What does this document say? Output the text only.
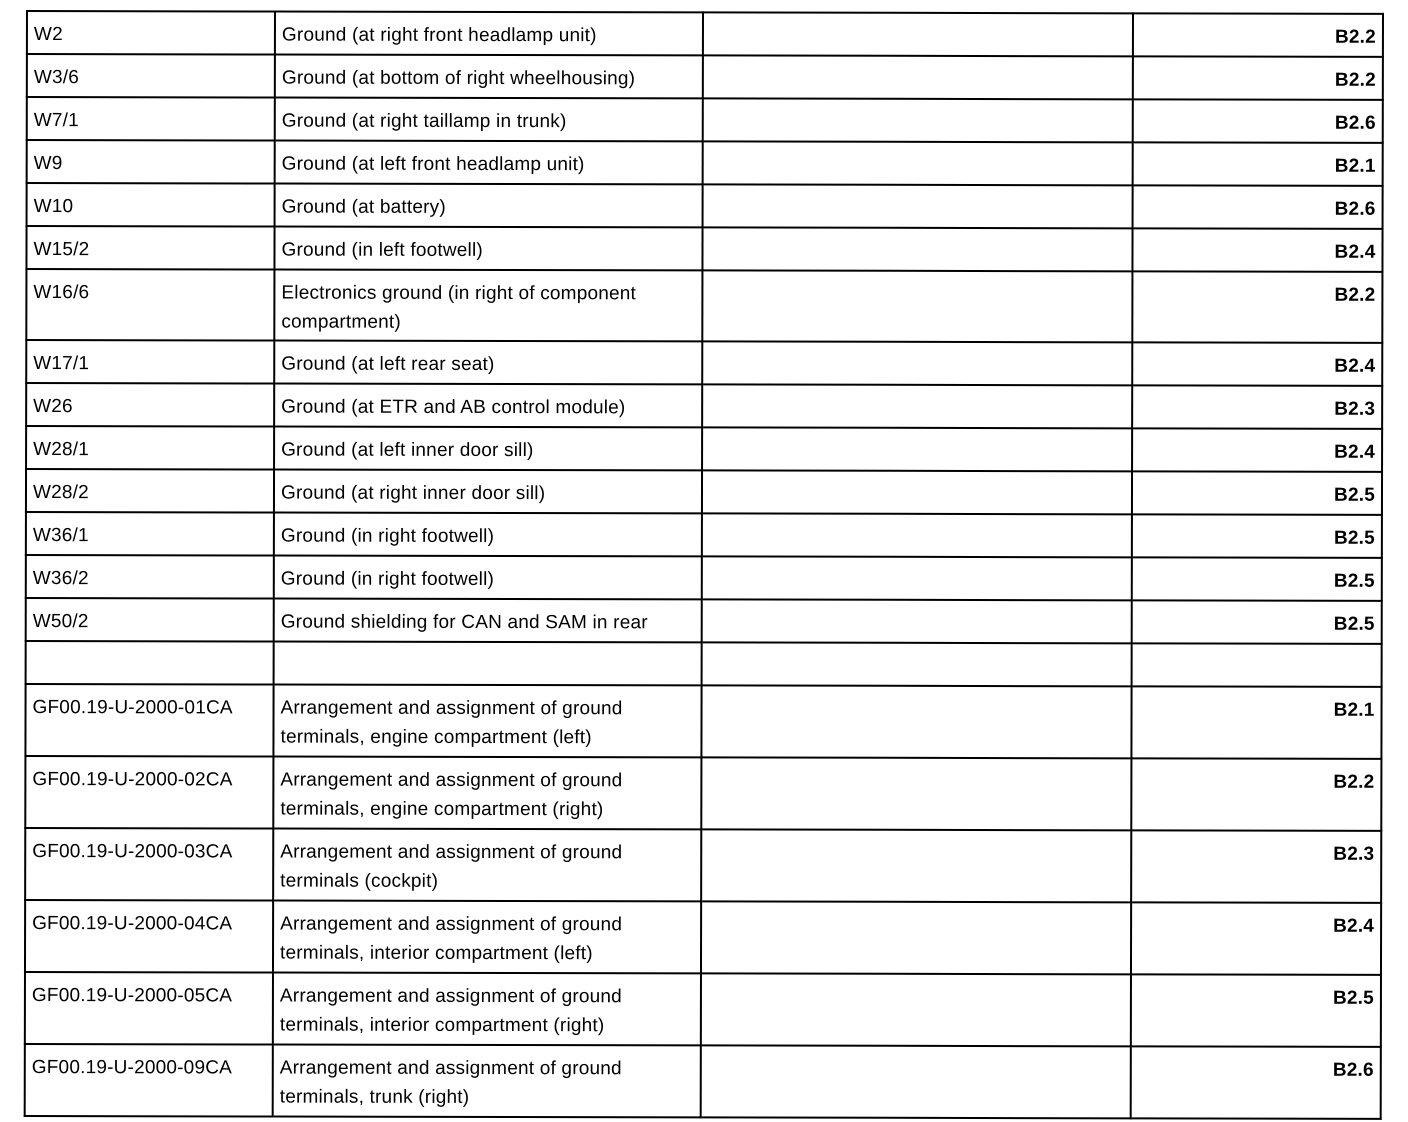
W2	Ground (at right front headlamp unit)		B2.2
W3/6	Ground (at bottom of right wheelhousing)		B2.2
W7/1	Ground (at right taillamp in trunk)		B2.6
W9	Ground (at left front headlamp unit)		B2.1
W10	Ground (at battery)		B2.6
W15/2	Ground (in left footwell)		B2.4
W16/6	Electronics ground (in right of component compartment)		B2.2
W17/1	Ground (at left rear seat)		B2.4
W26	Ground (at ETR and AB control module)		B2.3
W28/1	Ground (at left inner door sill)		B2.4
W28/2	Ground (at right inner door sill)		B2.5
W36/1	Ground (in right footwell)		B2.5
W36/2	Ground (in right footwell)		B2.5
W50/2	Ground shielding for CAN and SAM in rear		B2.5

GF00.19-U-2000-01CA	Arrangement and assignment of ground terminals, engine compartment (left)		B2.1
GF00.19-U-2000-02CA	Arrangement and assignment of ground terminals, engine compartment (right)		B2.2
GF00.19-U-2000-03CA	Arrangement and assignment of ground terminals (cockpit)		B2.3
GF00.19-U-2000-04CA	Arrangement and assignment of ground terminals, interior compartment (left)		B2.4
GF00.19-U-2000-05CA	Arrangement and assignment of ground terminals, interior compartment (right)		B2.5
GF00.19-U-2000-09CA	Arrangement and assignment of ground terminals, trunk (right)		B2.6
